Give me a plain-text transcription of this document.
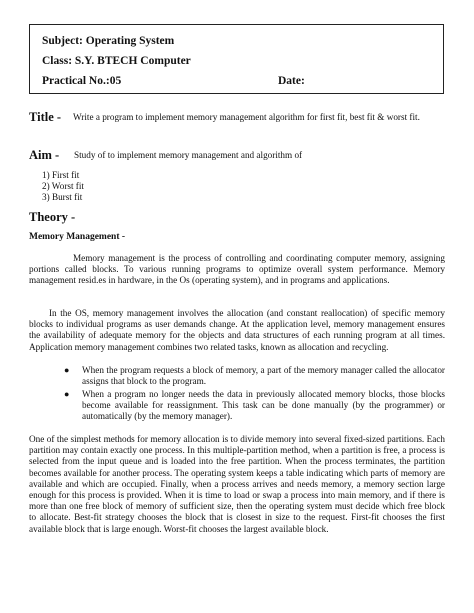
Subject: Operating System
Class: S.Y. BTECH Computer
Practical No.:05	Date:
Title -	Write a program to implement memory management algorithm for first fit, best fit & worst fit.
Aim - Study of to implement memory management and algorithm of
1) First fit
2) Worst fit
3) Burst fit
Theory -
Memory Management -
Memory management is the process of controlling and coordinating computer memory, assigning portions called blocks. To various running programs to optimize overall system performance. Memory management resid.es in hardware, in the Os (operating system), and in programs and applications.
In the OS, memory management involves the allocation (and constant reallocation) of specific memory blocks to individual programs as user demands change. At the application level, memory management ensures the availability of adequate memory for the objects and data structures of each running program at all times. Application memory management combines two related tasks, known as allocation and recycling.
● When the program requests a block of memory, a part of the memory manager called the allocator assigns that block to the program.
● When a program no longer needs the data in previously allocated memory blocks, those blocks become available for reassignment. This task can be done manually (by the programmer) or automatically (by the memory manager).
One of the simplest methods for memory allocation is to divide memory into several fixed-sized partitions. Each partition may contain exactly one process. In this multiple-partition method, when a partition is free, a process is selected from the input queue and is loaded into the free partition. When the process terminates, the partition becomes available for another process. The operating system keeps a table indicating which parts of memory are available and which are occupied. Finally, when a process arrives and needs memory, a memory section large enough for this process is provided. When it is time to load or swap a process into main memory, and if there is more than one free block of memory of sufficient size, then the operating system must decide which free block to allocate. Best-fit strategy chooses the block that is closest in size to the request. First-fit chooses the first available block that is large enough. Worst-fit chooses the largest available block.
